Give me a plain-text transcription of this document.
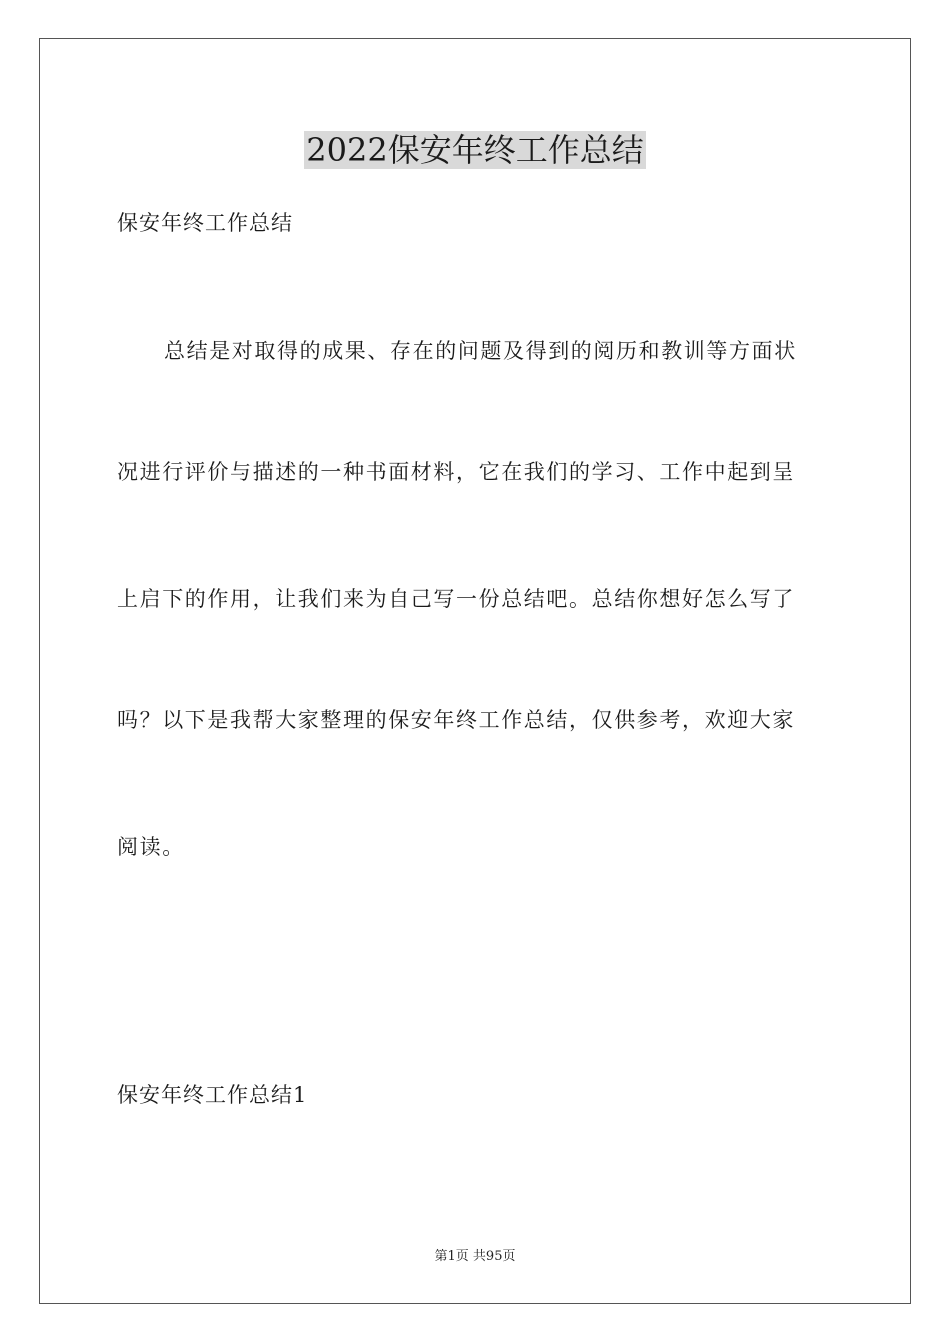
2022保安年终工作总结
保安年终工作总结
总结是对取得的成果、存在的问题及得到的阅历和教训等方面状
况进行评价与描述的一种书面材料，它在我们的学习、工作中起到呈
上启下的作用，让我们来为自己写一份总结吧。总结你想好怎么写了
吗？以下是我帮大家整理的保安年终工作总结，仅供参考，欢迎大家
阅读。
保安年终工作总结1
第1页 共95页
